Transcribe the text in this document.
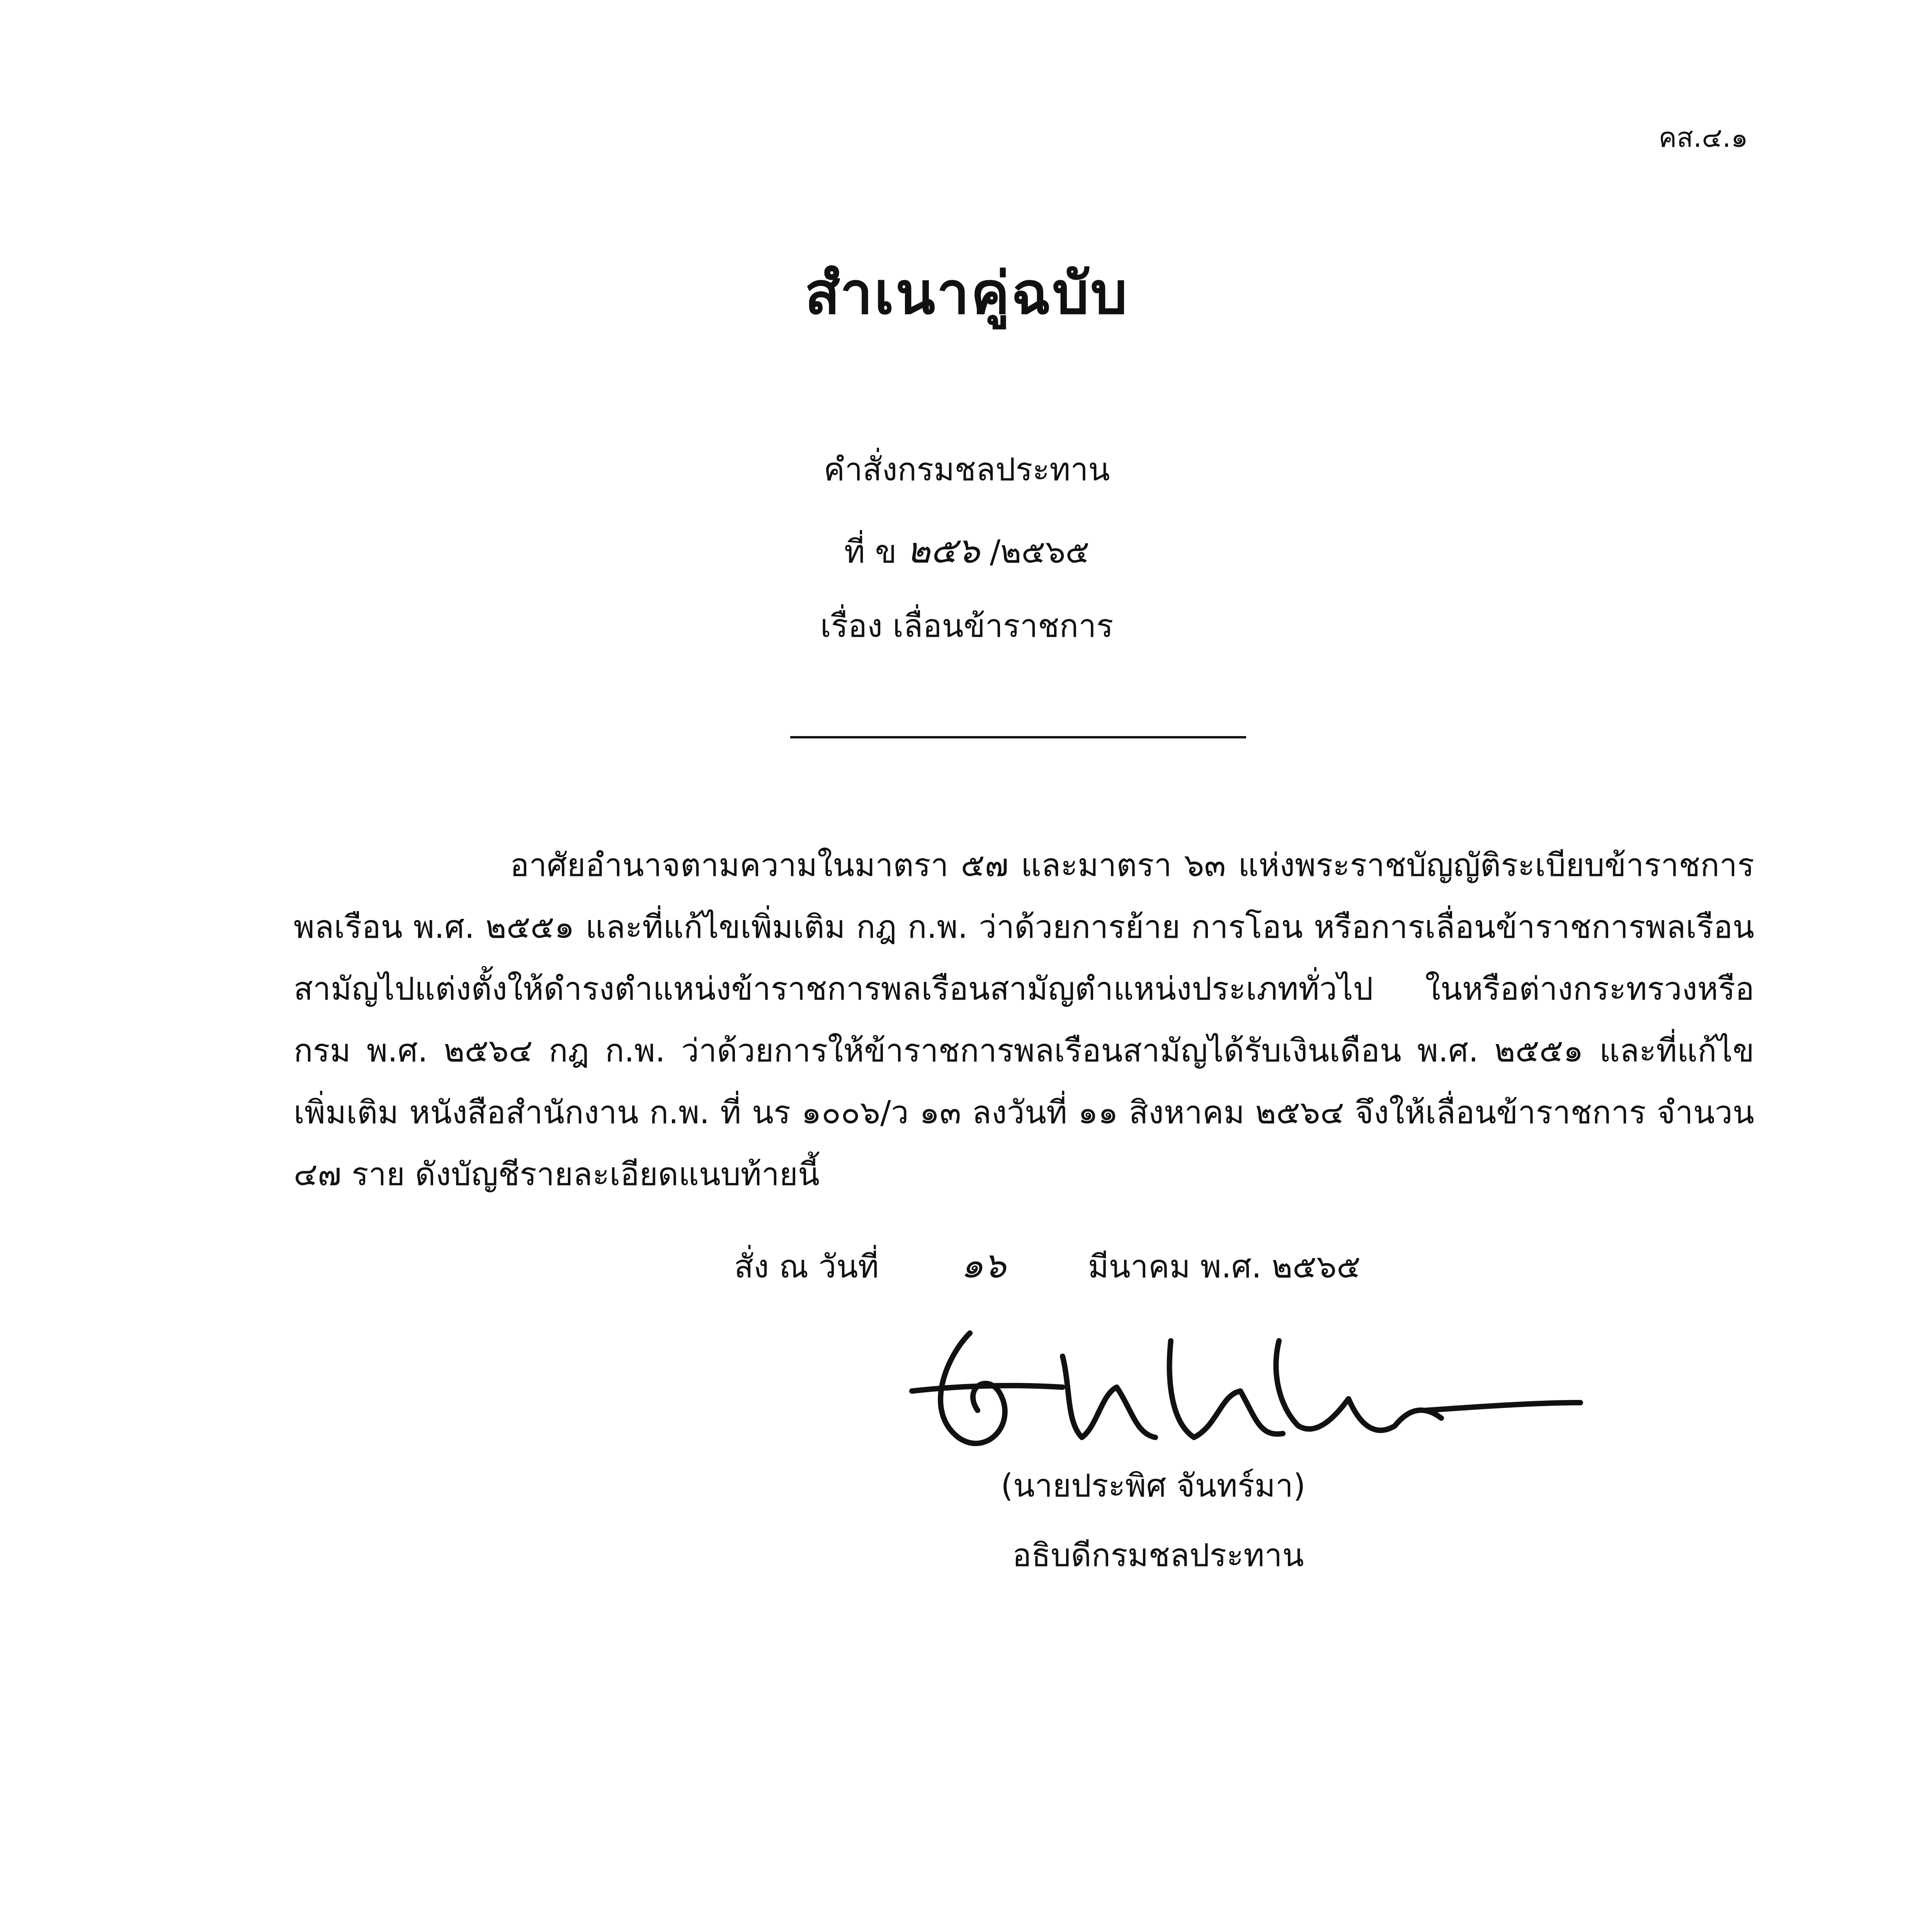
คส.๔.๑
สำเนาคู่ฉบับ
คำสั่งกรมชลประทาน
ที่ ข ๒๕๖ /๒๕๖๕
เรื่อง เลื่อนข้าราชการ
อาศัยอำนาจตามความในมาตรา ๕๗ และมาตรา ๖๓ แห่งพระราชบัญญัติระเบียบข้าราชการพลเรือน พ.ศ. ๒๕๕๑ และที่แก้ไขเพิ่มเติม กฎ ก.พ. ว่าด้วยการย้าย การโอน หรือการเลื่อนข้าราชการพลเรือนสามัญไปแต่งตั้งให้ดำรงตำแหน่งข้าราชการพลเรือนสามัญตำแหน่งประเภททั่วไป ในหรือต่างกระทรวงหรือกรม พ.ศ. ๒๕๖๔ กฎ ก.พ. ว่าด้วยการให้ข้าราชการพลเรือนสามัญได้รับเงินเดือน พ.ศ. ๒๕๕๑ และที่แก้ไขเพิ่มเติม หนังสือสำนักงาน ก.พ. ที่ นร ๑๐๐๖/ว ๑๓ ลงวันที่ ๑๑ สิงหาคม ๒๕๖๔ จึงให้เลื่อนข้าราชการ จำนวน ๔๗ ราย ดังบัญชีรายละเอียดแนบท้ายนี้
สั่ง ณ วันที่ ๑๖	มีนาคม พ.ศ. ๒๕๖๕
(นายประพิศ จันทร์มา)
อธิบดีกรมชลประทาน
